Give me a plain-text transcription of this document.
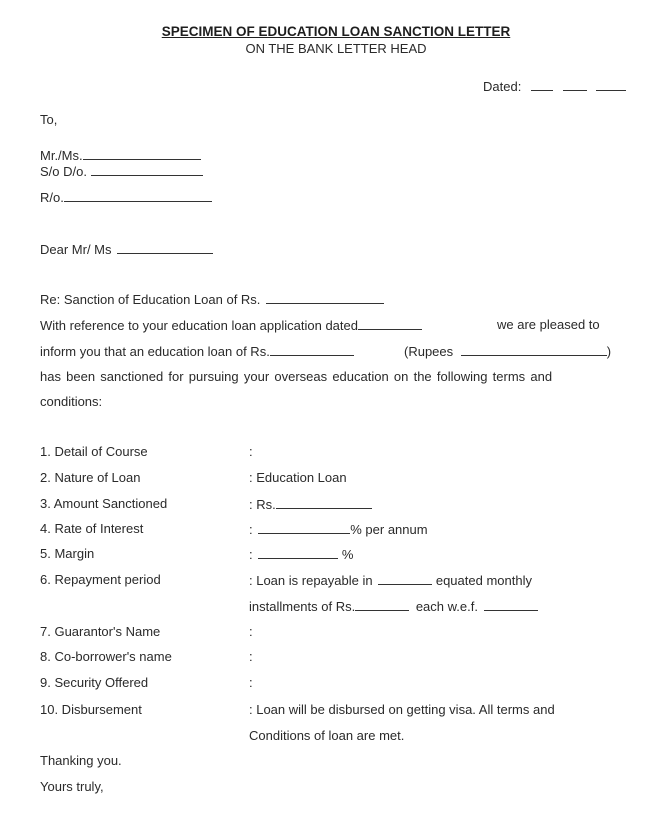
SPECIMEN OF EDUCATION LOAN SANCTION LETTER
ON THE BANK LETTER HEAD
Dated:
To,
Mr./Ms.
S/o D/o.
R/o.
Dear Mr/ Ms
Re: Sanction of Education Loan of Rs.
With reference to your education loan application dated	we are pleased to
inform you that an education loan of Rs.	(Rupees	)
has been sanctioned for pursuing your overseas education on the following terms and
conditions:
1. Detail of Course	:
2. Nature of Loan	: Education Loan
3. Amount Sanctioned	: Rs.
4. Rate of Interest	:	% per annum
5. Margin	:	%
6. Repayment period	: Loan is repayable in	equated monthly
installments of Rs.	each w.e.f.
7. Guarantor's Name	:
8. Co-borrower's name	:
9. Security Offered	:
10. Disbursement	: Loan will be disbursed on getting visa. All terms and
Conditions of loan are met.
Thanking you.
Yours truly,
